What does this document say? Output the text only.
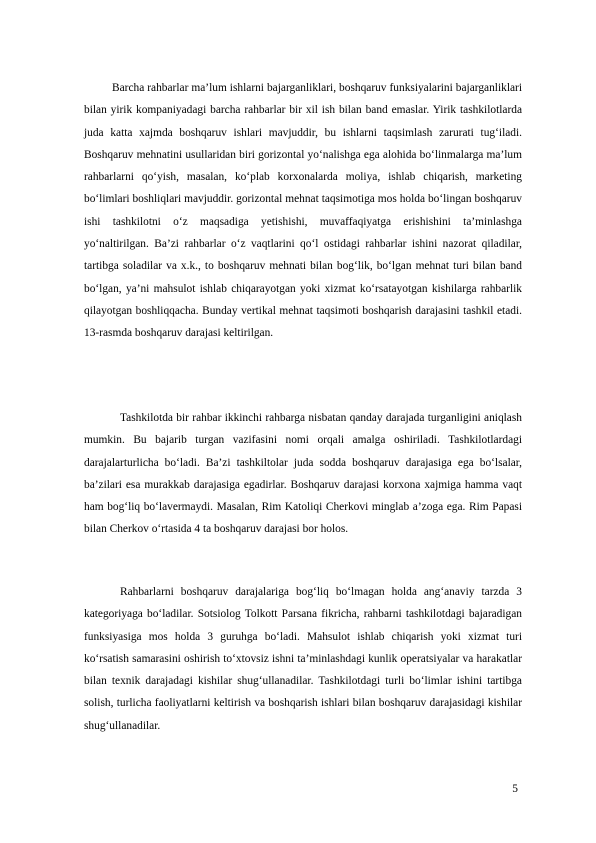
Barcha rahbarlar ma’lum ishlarni bajarganliklari, boshqaruv funksiyalarini bajarganliklari bilan yirik kompaniyadagi barcha rahbarlar bir xil ish bilan band emaslar. Yirik tashkilotlarda juda katta xajmda boshqaruv ishlari mavjuddir, bu ishlarni taqsimlash zarurati tug‘iladi. Boshqaruv mehnatini usullaridan biri gorizontal yo‘nalishga ega alohida bo‘linmalarga ma’lum rahbarlarni qo‘yish, masalan, ko‘plab korxonalarda moliya, ishlab chiqarish, marketing bo‘limlari boshliqlari mavjuddir. gorizontal mehnat taqsimotiga mos holda bo‘lingan boshqaruv ishi tashkilotni o‘z maqsadiga yetishishi, muvaffaqiyatga erishishini ta’minlashga yo‘naltirilgan. Ba’zi rahbarlar o‘z vaqtlarini qo‘l ostidagi rahbarlar ishini nazorat qiladilar, tartibga soladilar va x.k., to boshqaruv mehnati bilan bog‘lik, bo‘lgan mehnat turi bilan band bo‘lgan, ya’ni mahsulot ishlab chiqarayotgan yoki xizmat ko‘rsatayotgan kishilarga rahbarlik qilayotgan boshliqqacha. Bunday vertikal mehnat taqsimoti boshqarish darajasini tashkil etadi. 13-rasmda boshqaruv darajasi keltirilgan.

Tashkilotda bir rahbar ikkinchi rahbarga nisbatan qanday darajada turganligini aniqlash mumkin. Bu bajarib turgan vazifasini nomi orqali amalga oshiriladi. Tashkilotlardagi darajalarturlicha bo‘ladi. Ba’zi tashkiltolar juda sodda boshqaruv darajasiga ega bo‘lsalar, ba’zilari esa murakkab darajasiga egadirlar. Boshqaruv darajasi korxona xajmiga hamma vaqt ham bog‘liq bo‘lavermaydi. Masalan, Rim Katoliqi Cherkovi minglab a’zoga ega. Rim Papasi bilan Cherkov o‘rtasida 4 ta boshqaruv darajasi bor holos.

Rahbarlarni boshqaruv darajalariga bog‘liq bo‘lmagan holda ang‘anaviy tarzda 3 kategoriyaga bo‘ladilar. Sotsiolog Tolkott Parsana fikricha, rahbarni tashkilotdagi bajaradigan funksiyasiga mos holda 3 guruhga bo‘ladi. Mahsulot ishlab chiqarish yoki xizmat turi ko‘rsatish samarasini oshirish to‘xtovsiz ishni ta’minlashdagi kunlik operatsiyalar va harakatlar bilan texnik darajadagi kishilar shug‘ullanadilar. Tashkilotdagi turli bo‘limlar ishini tartibga solish, turlicha faoliyatlarni keltirish va boshqarish ishlari bilan boshqaruv darajasidagi kishilar shug‘ullanadilar.

5
